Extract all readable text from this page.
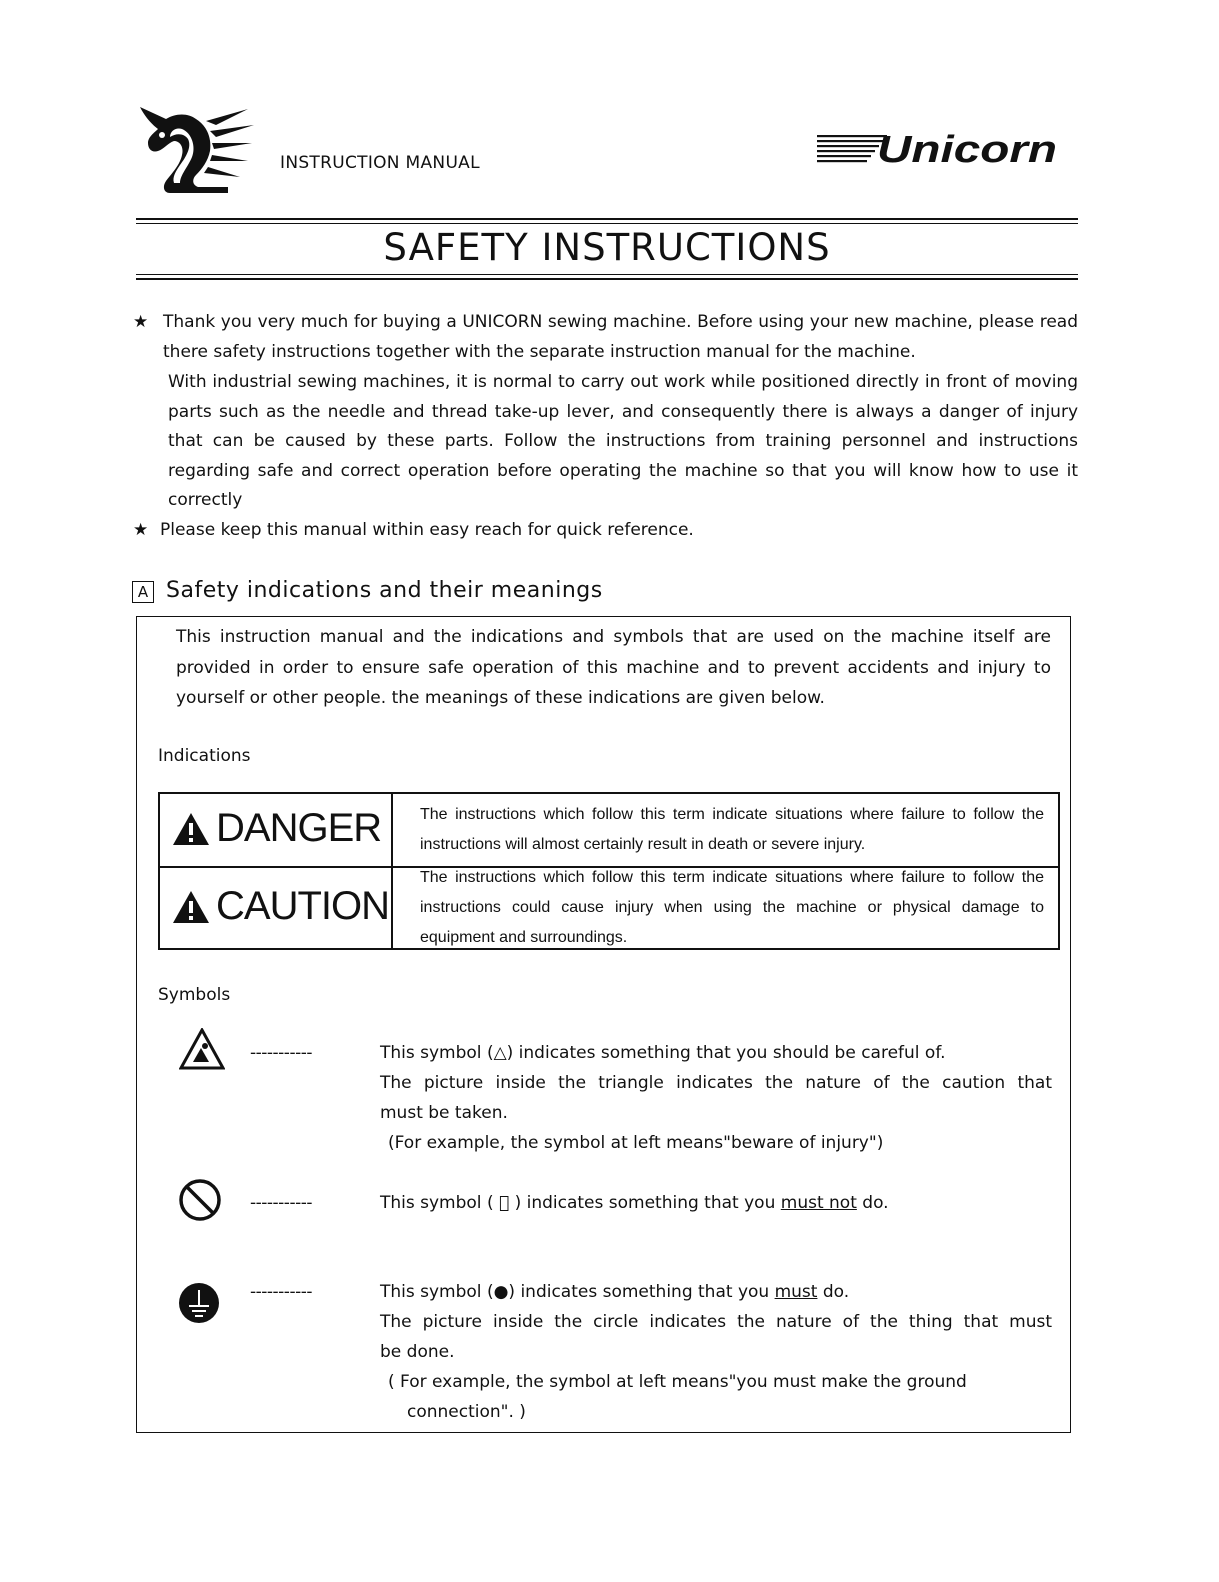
INSTRUCTION MANUAL	Unicorn
SAFETY INSTRUCTIONS
★ Thank you very much for buying a UNICORN sewing machine. Before using your new machine, please read there safety instructions together with the separate instruction manual for the machine.
With industrial sewing machines, it is normal to carry out work while positioned directly in front of moving parts such as the needle and thread take-up lever, and consequently there is always a danger of injury that can be caused by these parts. Follow the instructions from training personnel and instructions regarding safe and correct operation before operating the machine so that you will know how to use it correctly
★ Please keep this manual within easy reach for quick reference.
A Safety indications and their meanings
This instruction manual and the indications and symbols that are used on the machine itself are provided in order to ensure safe operation of this machine and to prevent accidents and injury to yourself or other people. the meanings of these indications are given below.
Indications
DANGER The instructions which follow this term indicate situations where failure to follow the instructions will almost certainly result in death or severe injury.
CAUTION
The instructions which follow this term indicate situations where failure to follow the instructions could cause injury when using the machine or physical damage to equipment and surroundings.
Symbols
-----------	This symbol (△) indicates something that you should be careful of.
The picture inside the triangle indicates the nature of the caution that
must be taken.
(For example, the symbol at left means"beware of injury")
-----------	This symbol ( ⃠ ) indicates something that you must not do.
-----------	This symbol (●) indicates something that you must do.
The picture inside the circle indicates the nature of the thing that must
be done.
( For example, the symbol at left means"you must make the ground
connection". )
